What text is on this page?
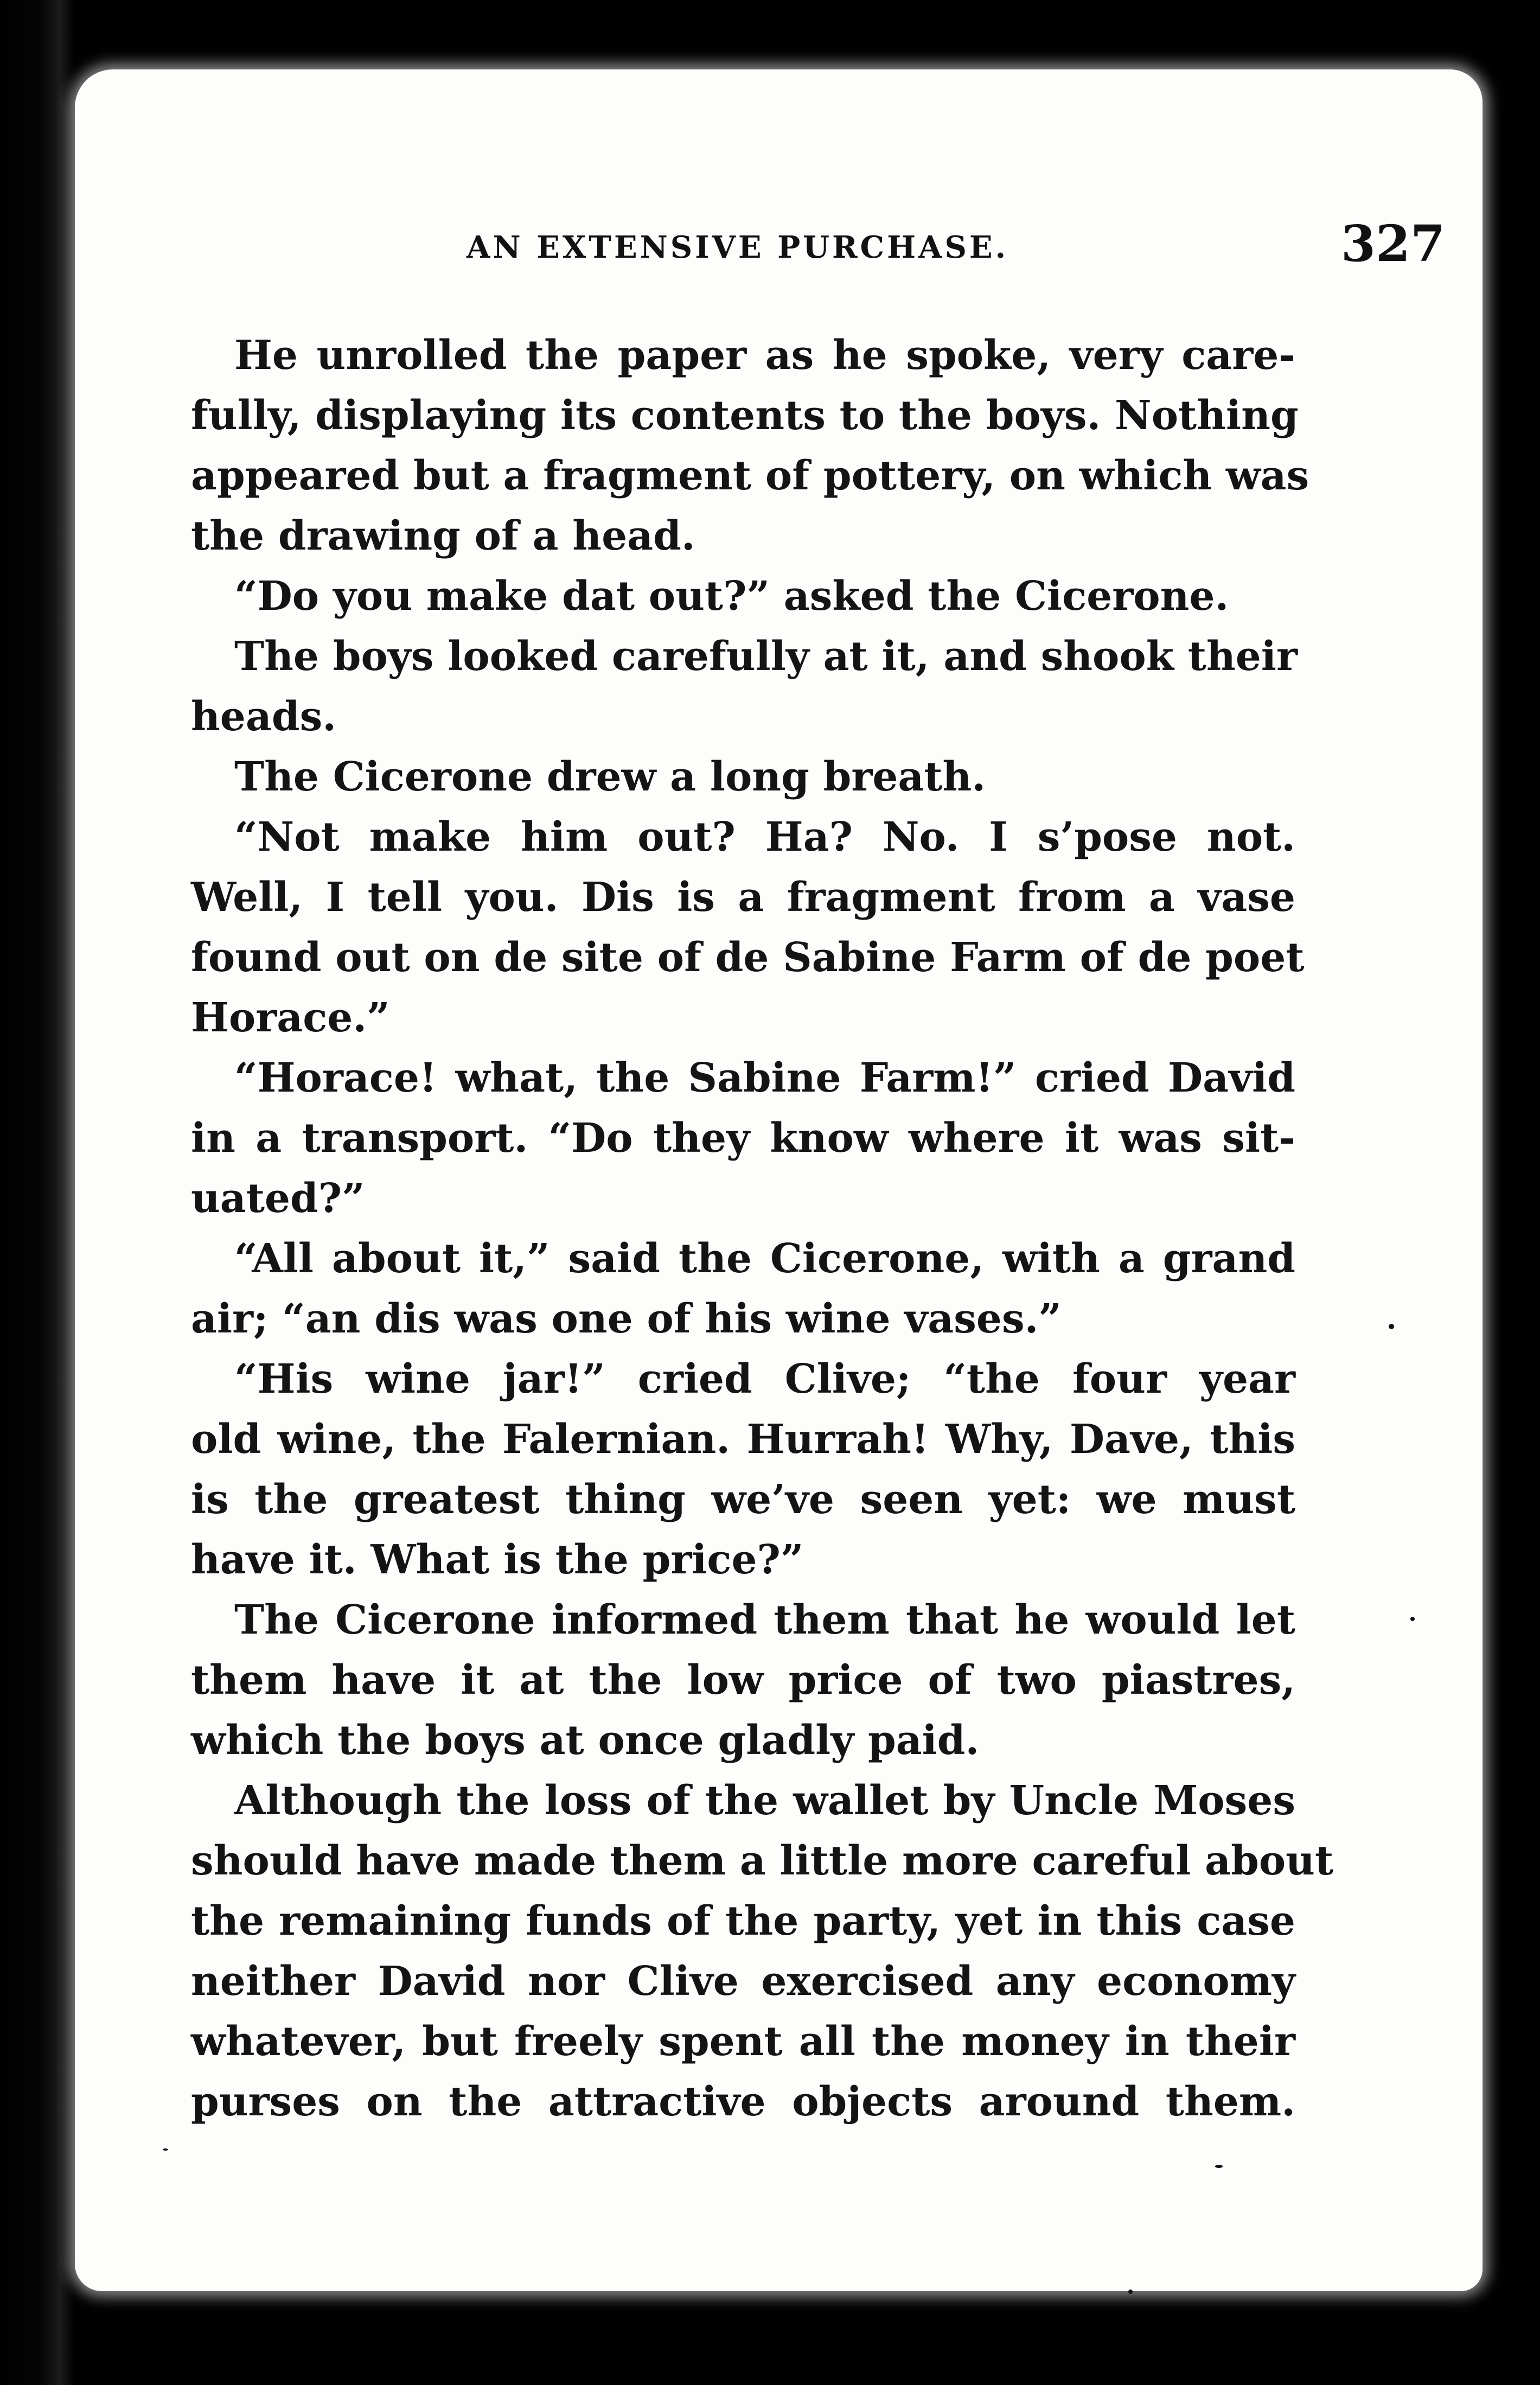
AN EXTENSIVE PURCHASE.	327
He unrolled the paper as he spoke, very care-
fully, displaying its contents to the boys. Nothing
appeared but a fragment of pottery, on which was
the drawing of a head.
“Do you make dat out?” asked the Cicerone.
The boys looked carefully at it, and shook their
heads.
The Cicerone drew a long breath.
“Not make him out? Ha? No. I s’pose not.
Well, I tell you. Dis is a fragment from a vase
found out on de site of de Sabine Farm of de poet
Horace.”
“Horace! what, the Sabine Farm!” cried David
in a transport. “Do they know where it was sit-
uated?”
“All about it,” said the Cicerone, with a grand
air; “an dis was one of his wine vases.”
“His wine jar!” cried Clive; “the four year
old wine, the Falernian. Hurrah! Why, Dave, this
is the greatest thing we’ve seen yet: we must
have it. What is the price?”
The Cicerone informed them that he would let
them have it at the low price of two piastres,
which the boys at once gladly paid.
Although the loss of the wallet by Uncle Moses
should have made them a little more careful about
the remaining funds of the party, yet in this case
neither David nor Clive exercised any economy
whatever, but freely spent all the money in their
purses on the attractive objects around them.
